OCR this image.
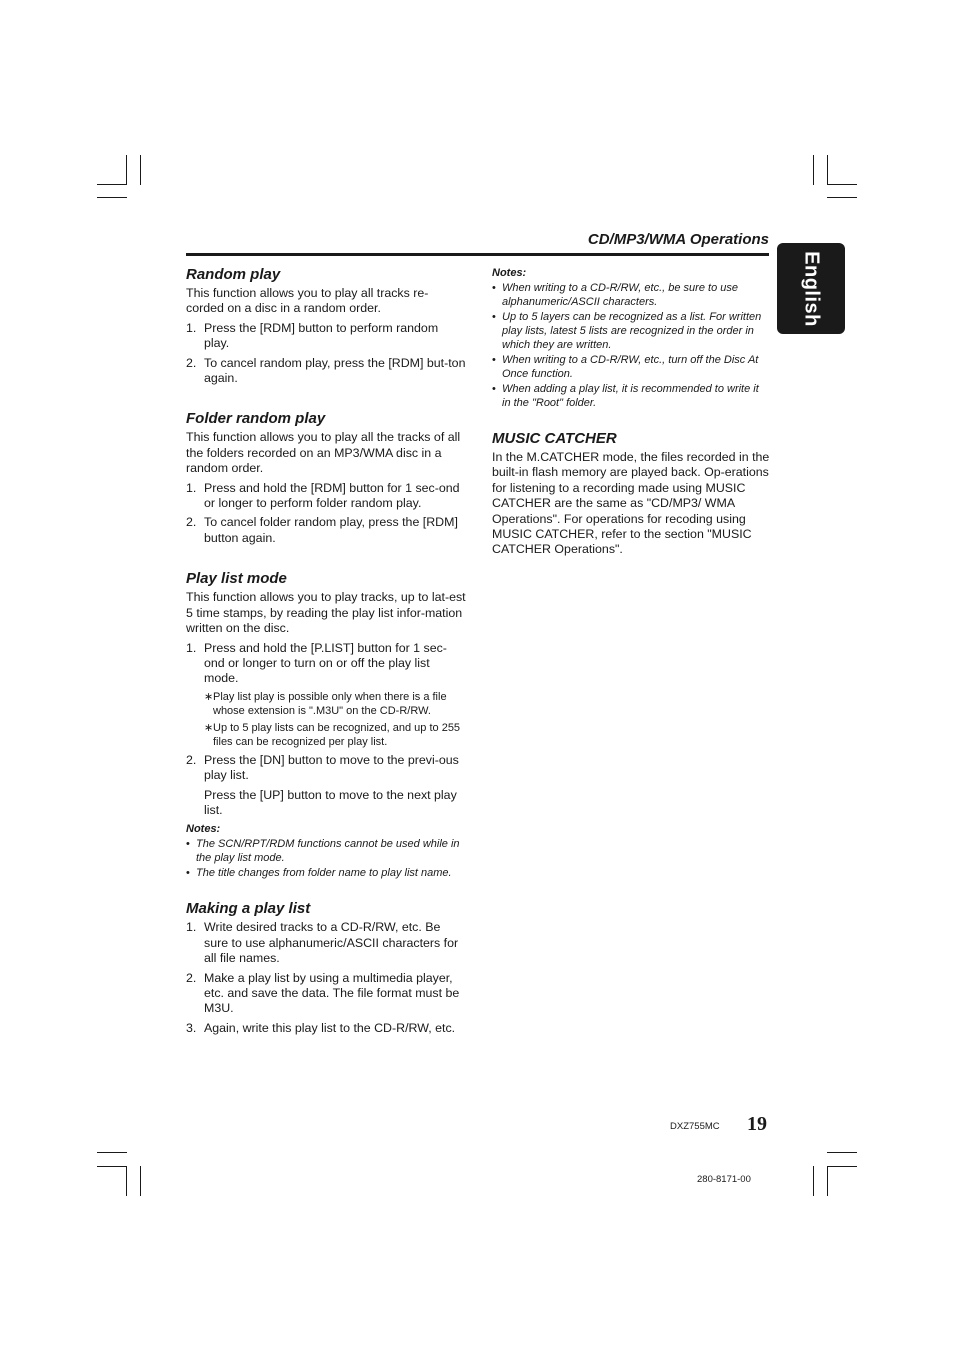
CD/MP3/WMA Operations
English
Random play

This function allows you to play all tracks re-corded on a disc in a random order.

1. Press the [RDM] button to perform random play.
2. To cancel random play, press the [RDM] but-ton again.
Folder random play

This function allows you to play all the tracks of all the folders recorded on an MP3/WMA disc in a random order.

1. Press and hold the [RDM] button for 1 sec-ond or longer to perform folder random play.
2. To cancel folder random play, press the [RDM] button again.
Play list mode

This function allows you to play tracks, up to lat-est 5 time stamps, by reading the play list infor-mation written on the disc.

1. Press and hold the [P.LIST] button for 1 sec-ond or longer to turn on or off the play list mode.
∗ Play list play is possible only when there is a file whose extension is ".M3U" on the CD-R/RW.
∗ Up to 5 play lists can be recognized, and up to 255 files can be recognized per play list.
2. Press the [DN] button to move to the previ-ous play list.

Press the [UP] button to move to the next play list.

Notes:
• The SCN/RPT/RDM functions cannot be used while in the play list mode.
• The title changes from folder name to play list name.
Making a play list
1. Write desired tracks to a CD-R/RW, etc. Be sure to use alphanumeric/ASCII characters for all file names.
2. Make a play list by using a multimedia player, etc. and save the data. The file format must be M3U.
3. Again, write this play list to the CD-R/RW, etc.
Notes:
• When writing to a CD-R/RW, etc., be sure to use alphanumeric/ASCII characters.
• Up to 5 layers can be recognized as a list. For written play lists, latest 5 lists are recognized in the order in which they are written.
• When writing to a CD-R/RW, etc., turn off the Disc At Once function.
• When adding a play list, it is recommended to write it in the "Root" folder.
MUSIC CATCHER

In the M.CATCHER mode, the files recorded in the built-in flash memory are played back. Op-erations for listening to a recording made using MUSIC CATCHER are the same as "CD/MP3/ WMA Operations". For operations for recoding using MUSIC CATCHER, refer to the section "MUSIC CATCHER Operations".

DXZ755MC 19
280-8171-00
